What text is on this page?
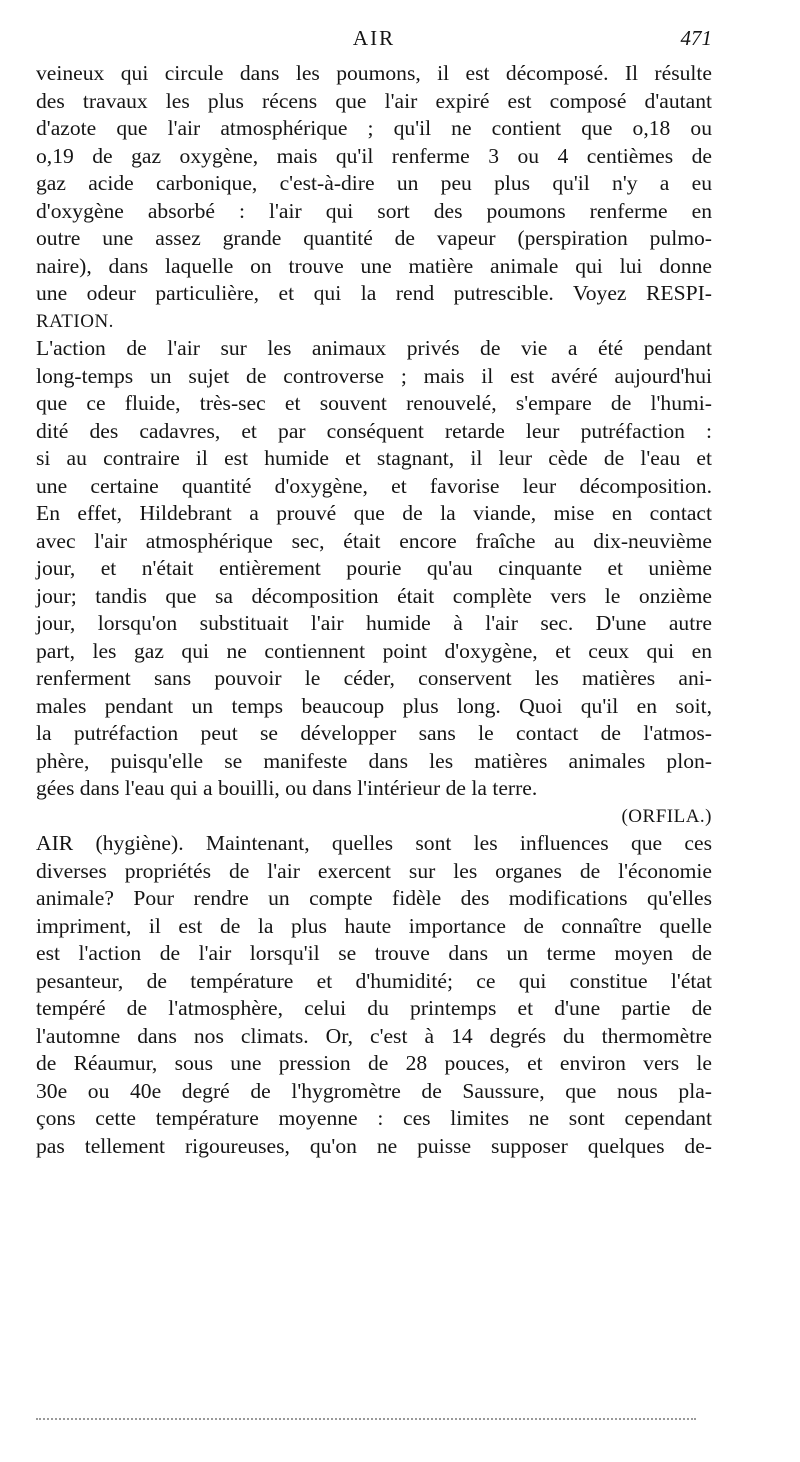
AIR	471
veineux qui circule dans les poumons, il est décomposé. Il résulte
des travaux les plus récens que l'air expiré est composé d'autant
d'azote que l'air atmosphérique ; qu'il ne contient que o,18 ou
o,19 de gaz oxygène, mais qu'il renferme 3 ou 4 centièmes de
gaz acide carbonique, c'est-à-dire un peu plus qu'il n'y a eu
d'oxygène absorbé : l'air qui sort des poumons renferme en
outre une assez grande quantité de vapeur (perspiration pulmo-
naire), dans laquelle on trouve une matière animale qui lui donne
une odeur particulière, et qui la rend putrescible. Voyez RESPI-
RATION.
L'action de l'air sur les animaux privés de vie a été pendant
long-temps un sujet de controverse ; mais il est avéré aujourd'hui
que ce fluide, très-sec et souvent renouvelé, s'empare de l'humi-
dité des cadavres, et par conséquent retarde leur putréfaction :
si au contraire il est humide et stagnant, il leur cède de l'eau et
une certaine quantité d'oxygène, et favorise leur décomposition.
En effet, Hildebrant a prouvé que de la viande, mise en contact
avec l'air atmosphérique sec, était encore fraîche au dix-neuvième
jour, et n'était entièrement pourie qu'au cinquante et unième
jour; tandis que sa décomposition était complète vers le onzième
jour, lorsqu'on substituait l'air humide à l'air sec. D'une autre
part, les gaz qui ne contiennent point d'oxygène, et ceux qui en
renferment sans pouvoir le céder, conservent les matières ani-
males pendant un temps beaucoup plus long. Quoi qu'il en soit,
la putréfaction peut se développer sans le contact de l'atmos-
phère, puisqu'elle se manifeste dans les matières animales plon-
gées dans l'eau qui a bouilli, ou dans l'intérieur de la terre.
(ORFILA.)
AIR (hygiène). Maintenant, quelles sont les influences que ces
diverses propriétés de l'air exercent sur les organes de l'économie
animale? Pour rendre un compte fidèle des modifications qu'elles
impriment, il est de la plus haute importance de connaître quelle
est l'action de l'air lorsqu'il se trouve dans un terme moyen de
pesanteur, de température et d'humidité; ce qui constitue l'état
tempéré de l'atmosphère, celui du printemps et d'une partie de
l'automne dans nos climats. Or, c'est à 14 degrés du thermomètre
de Réaumur, sous une pression de 28 pouces, et environ vers le
30e ou 40e degré de l'hygromètre de Saussure, que nous pla-
çons cette température moyenne : ces limites ne sont cependant
pas tellement rigoureuses, qu'on ne puisse supposer quelques de-
